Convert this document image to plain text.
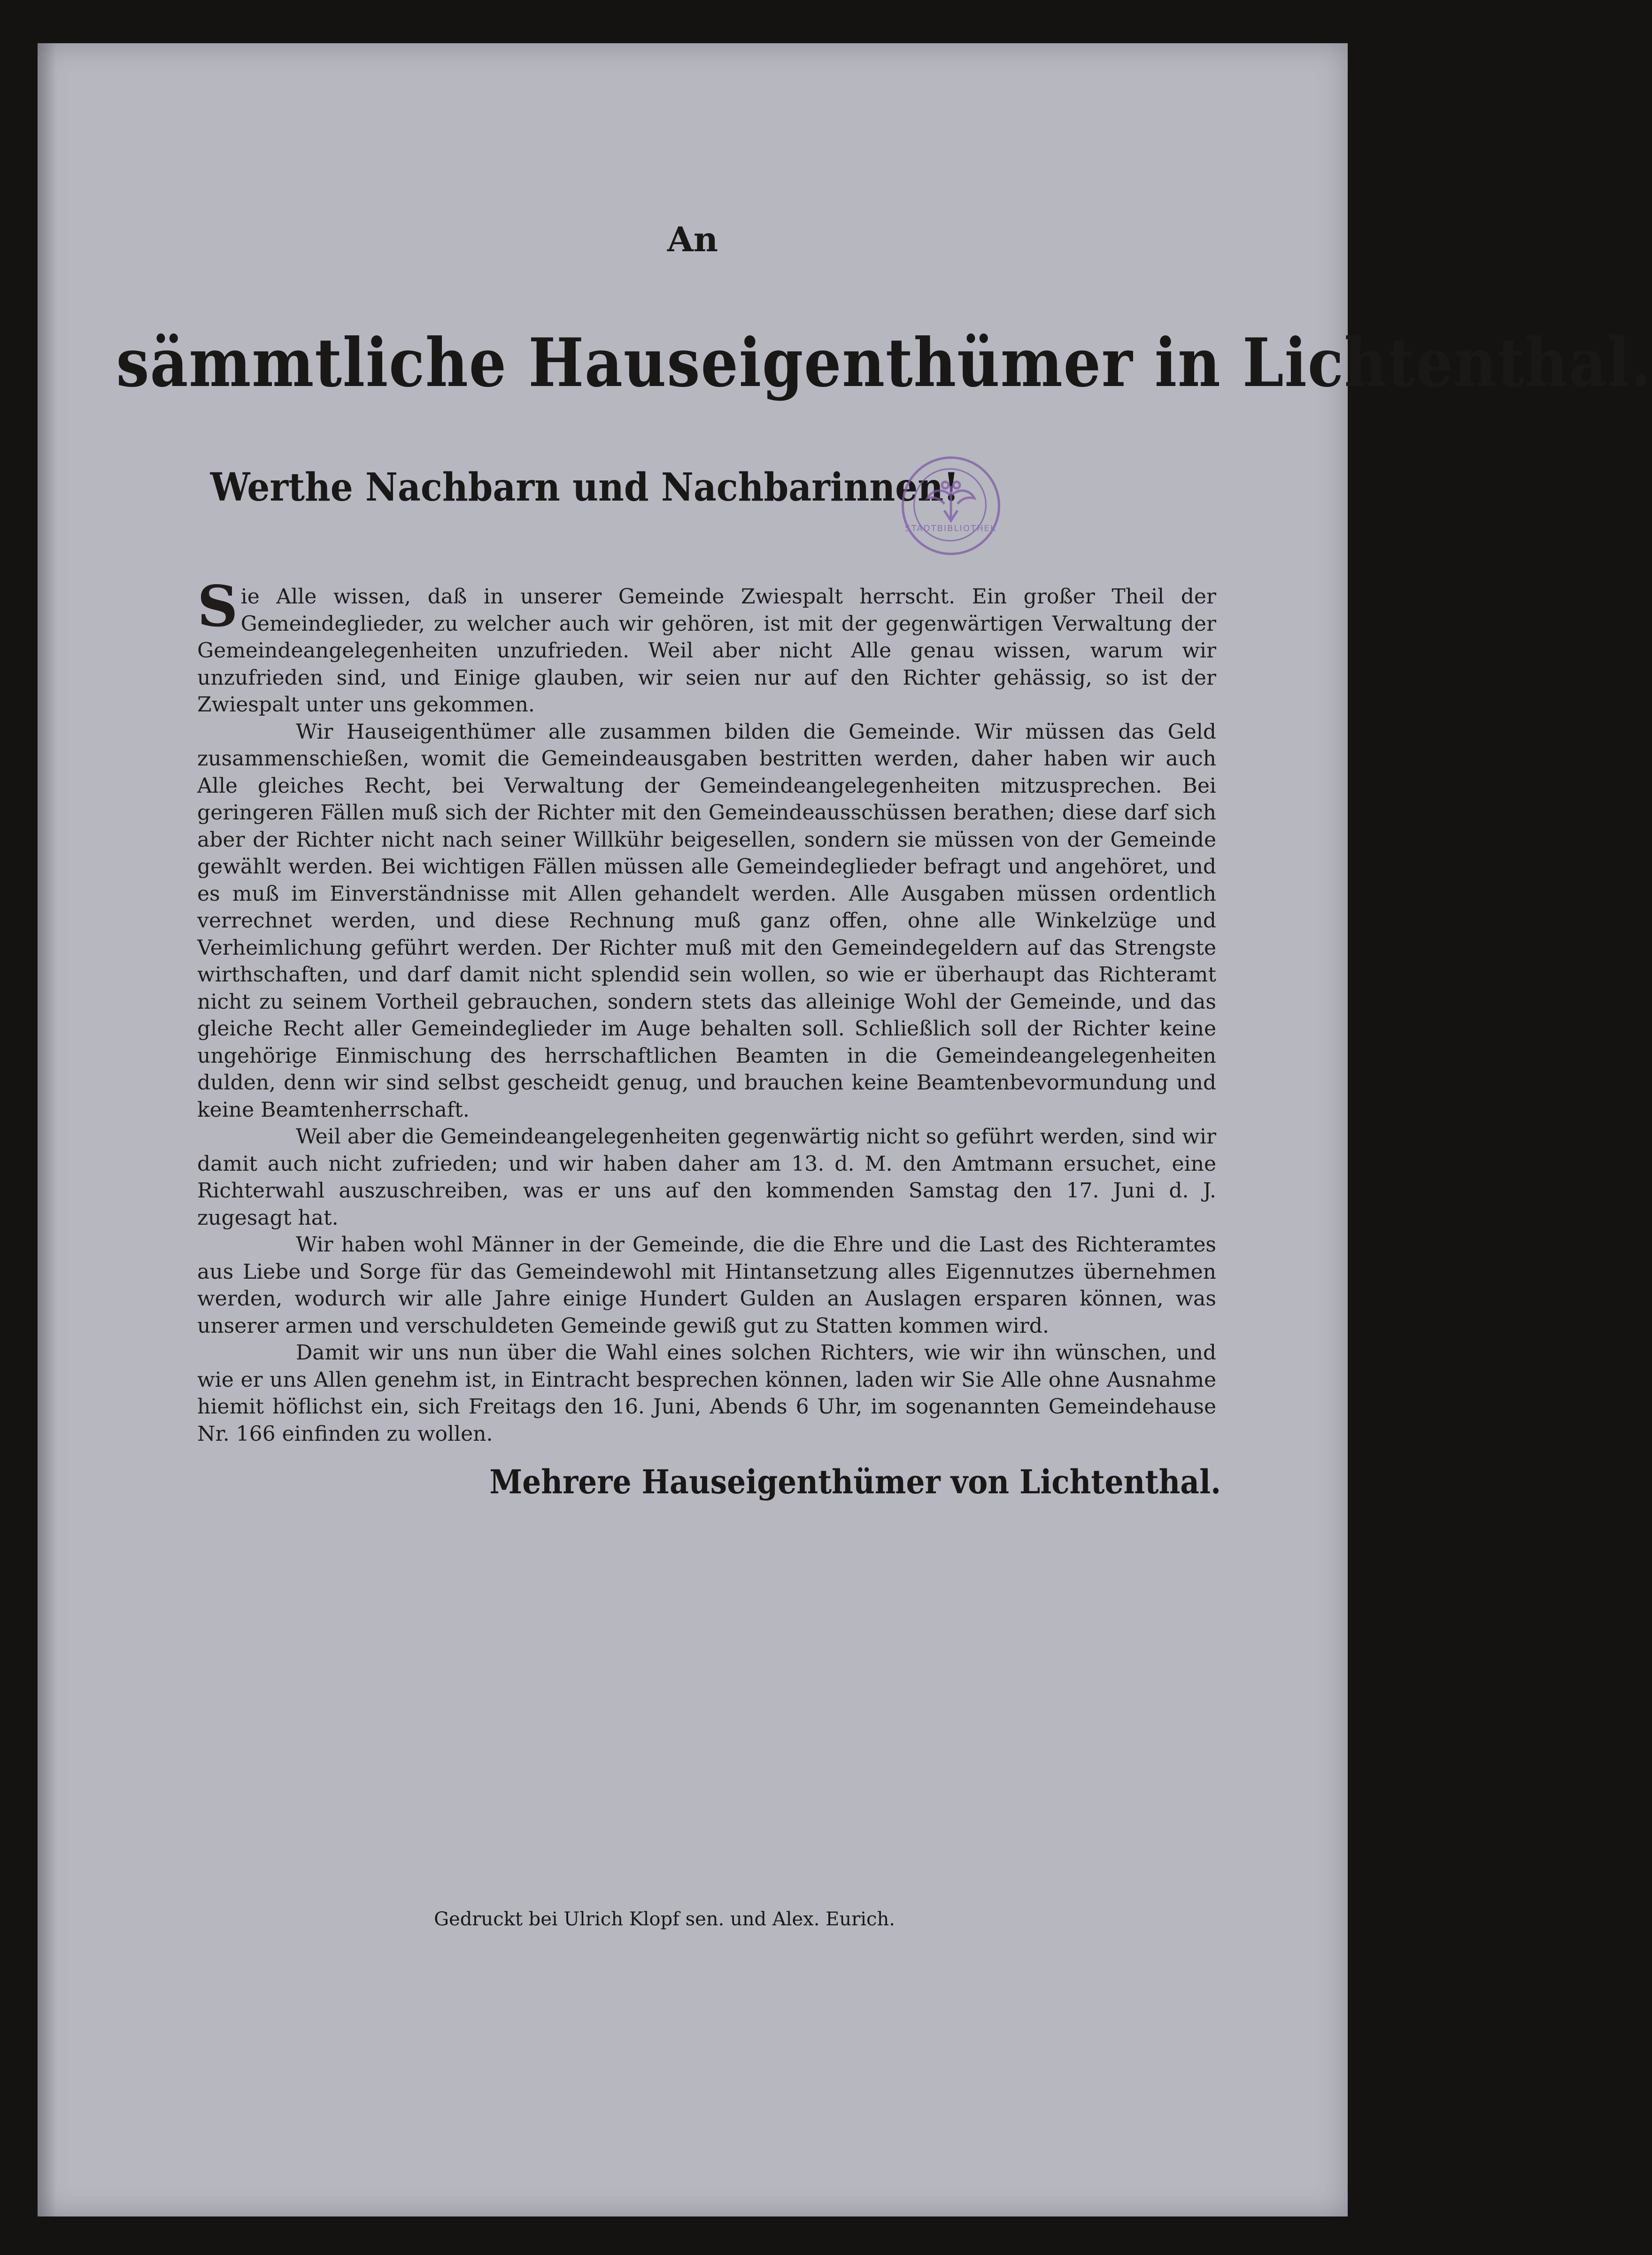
An
sämmtliche Hauseigenthümer in Lichtenthal.
Werthe Nachbarn und Nachbarinnen!
STADTBIBLIOTHEK

Sie Alle wissen, daß in unserer Gemeinde Zwiespalt herrscht. Ein großer Theil der Gemeindeglieder, zu welcher auch wir gehören, ist mit der gegenwärtigen Verwaltung der Gemeindeangelegenheiten unzufrieden. Weil aber nicht Alle genau wissen, warum wir unzufrieden sind, und Einige glauben, wir seien nur auf den Richter gehässig, so ist der Zwiespalt unter uns gekommen.

Wir Hauseigenthümer alle zusammen bilden die Gemeinde. Wir müssen das Geld zusammenschießen, womit die Gemeindeausgaben bestritten werden, daher haben wir auch Alle gleiches Recht, bei Verwaltung der Gemeindeangelegenheiten mitzusprechen. Bei geringeren Fällen muß sich der Richter mit den Gemeindeausschüssen berathen; diese darf sich aber der Richter nicht nach seiner Willkühr beigesellen, sondern sie müssen von der Gemeinde gewählt werden. Bei wichtigen Fällen müssen alle Gemeindeglieder befragt und angehöret, und es muß im Einverständnisse mit Allen gehandelt werden. Alle Ausgaben müssen ordentlich verrechnet werden, und diese Rechnung muß ganz offen, ohne alle Winkelzüge und Verheimlichung geführt werden. Der Richter muß mit den Gemeindegeldern auf das Strengste wirthschaften, und darf damit nicht splendid sein wollen, so wie er überhaupt das Richteramt nicht zu seinem Vortheil gebrauchen, sondern stets das alleinige Wohl der Gemeinde, und das gleiche Recht aller Gemeindeglieder im Auge behalten soll. Schließlich soll der Richter keine ungehörige Einmischung des herrschaftlichen Beamten in die Gemeindeangelegenheiten dulden, denn wir sind selbst gescheidt genug, und brauchen keine Beamtenbevormundung und keine Beamtenherrschaft.

Weil aber die Gemeindeangelegenheiten gegenwärtig nicht so geführt werden, sind wir damit auch nicht zufrieden; und wir haben daher am 13. d. M. den Amtmann ersuchet, eine Richterwahl auszuschreiben, was er uns auf den kommenden Samstag den 17. Juni d. J. zugesagt hat.

Wir haben wohl Männer in der Gemeinde, die die Ehre und die Last des Richteramtes aus Liebe und Sorge für das Gemeindewohl mit Hintansetzung alles Eigennutzes übernehmen werden, wodurch wir alle Jahre einige Hundert Gulden an Auslagen ersparen können, was unserer armen und verschuldeten Gemeinde gewiß gut zu Statten kommen wird.

Damit wir uns nun über die Wahl eines solchen Richters, wie wir ihn wünschen, und wie er uns Allen genehm ist, in Eintracht besprechen können, laden wir Sie Alle ohne Ausnahme hiemit höflichst ein, sich Freitags den 16. Juni, Abends 6 Uhr, im sogenannten Gemeindehause Nr. 166 einfinden zu wollen.

Mehrere Hauseigenthümer von Lichtenthal.
Gedruckt bei Ulrich Klopf sen. und Alex. Eurich.
